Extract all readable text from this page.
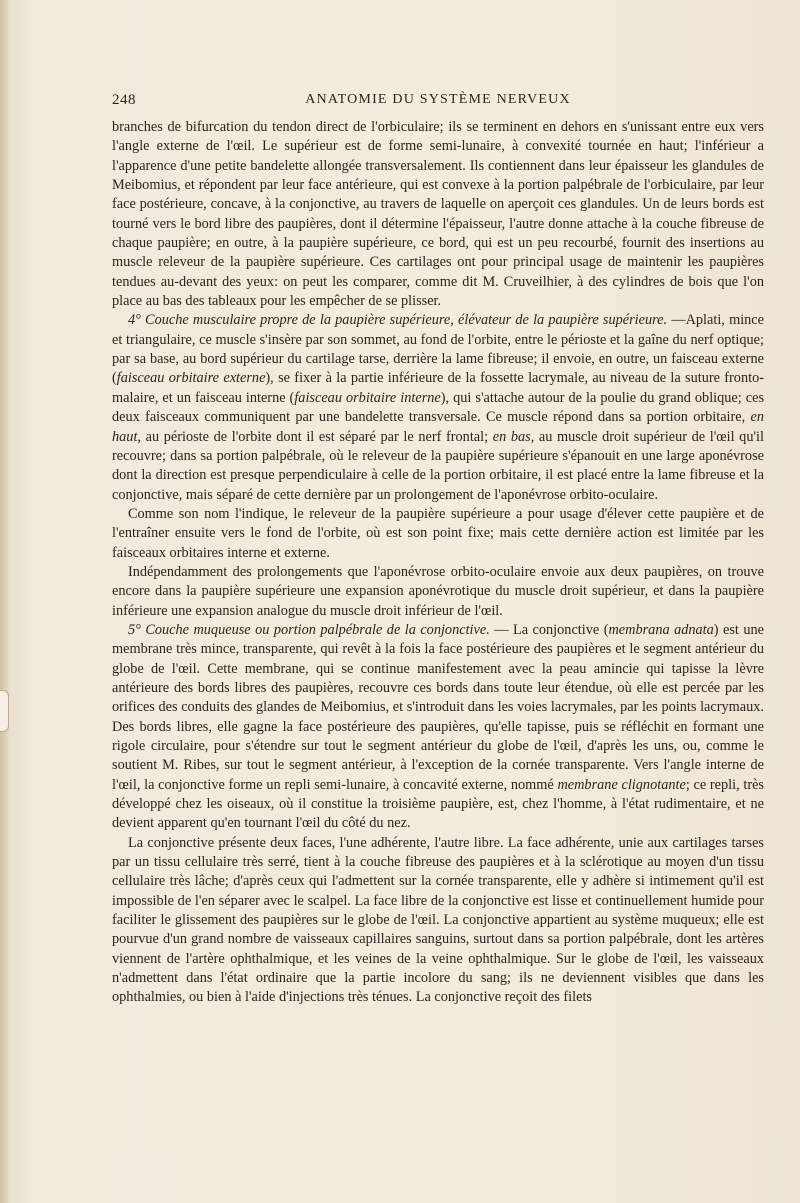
248	ANATOMIE DU SYSTÈME NERVEUX

branches de bifurcation du tendon direct de l'orbiculaire; ils se terminent en dehors en s'unissant entre eux vers l'angle externe de l'œil. Le supérieur est de forme semi-lunaire, à convexité tournée en haut; l'inférieur a l'apparence d'une petite bandelette allongée transversalement. Ils contiennent dans leur épaisseur les glandules de Meibomius, et répondent par leur face antérieure, qui est convexe à la portion palpébrale de l'orbiculaire, par leur face postérieure, concave, à la conjonctive, au travers de laquelle on aperçoit ces glandules. Un de leurs bords est tourné vers le bord libre des paupières, dont il détermine l'épaisseur, l'autre donne attache à la couche fibreuse de chaque paupière; en outre, à la paupière supérieure, ce bord, qui est un peu recourbé, fournit des insertions au muscle releveur de la paupière supérieure. Ces cartilages ont pour principal usage de maintenir les paupières tendues au-devant des yeux: on peut les comparer, comme dit M. Cruveilhier, à des cylindres de bois que l'on place au bas des tableaux pour les empêcher de se plisser.

4° Couche musculaire propre de la paupière supérieure, élévateur de la paupière supérieure. —Aplati, mince et triangulaire, ce muscle s'insère par son sommet, au fond de l'orbite, entre le périoste et la gaîne du nerf optique; par sa base, au bord supérieur du cartilage tarse, derrière la lame fibreuse; il envoie, en outre, un faisceau externe (faisceau orbitaire externe), se fixer à la partie inférieure de la fossette lacrymale, au niveau de la suture fronto-malaire, et un faisceau interne (faisceau orbitaire interne), qui s'attache autour de la poulie du grand oblique; ces deux faisceaux communiquent par une bandelette transversale. Ce muscle répond dans sa portion orbitaire, en haut, au périoste de l'orbite dont il est séparé par le nerf frontal; en bas, au muscle droit supérieur de l'œil qu'il recouvre; dans sa portion palpébrale, où le releveur de la paupière supérieure s'épanouit en une large aponévrose dont la direction est presque perpendiculaire à celle de la portion orbitaire, il est placé entre la lame fibreuse et la conjonctive, mais séparé de cette dernière par un prolongement de l'aponévrose orbito-oculaire.

Comme son nom l'indique, le releveur de la paupière supérieure a pour usage d'élever cette paupière et de l'entraîner ensuite vers le fond de l'orbite, où est son point fixe; mais cette dernière action est limitée par les faisceaux orbitaires interne et externe.

Indépendamment des prolongements que l'aponévrose orbito-oculaire envoie aux deux paupières, on trouve encore dans la paupière supérieure une expansion aponévrotique du muscle droit supérieur, et dans la paupière inférieure une expansion analogue du muscle droit inférieur de l'œil.

5° Couche muqueuse ou portion palpébrale de la conjonctive. — La conjonctive (membrana adnata) est une membrane très mince, transparente, qui revêt à la fois la face postérieure des paupières et le segment antérieur du globe de l'œil. Cette membrane, qui se continue manifestement avec la peau amincie qui tapisse la lèvre antérieure des bords libres des paupières, recouvre ces bords dans toute leur étendue, où elle est percée par les orifices des conduits des glandes de Meibomius, et s'introduit dans les voies lacrymales, par les points lacrymaux. Des bords libres, elle gagne la face postérieure des paupières, qu'elle tapisse, puis se réfléchit en formant une rigole circulaire, pour s'étendre sur tout le segment antérieur du globe de l'œil, d'après les uns, ou, comme le soutient M. Ribes, sur tout le segment antérieur, à l'exception de la cornée transparente. Vers l'angle interne de l'œil, la conjonctive forme un repli semi-lunaire, à concavité externe, nommé membrane clignotante; ce repli, très développé chez les oiseaux, où il constitue la troisième paupière, est, chez l'homme, à l'état rudimentaire, et ne devient apparent qu'en tournant l'œil du côté du nez.

La conjonctive présente deux faces, l'une adhérente, l'autre libre. La face adhérente, unie aux cartilages tarses par un tissu cellulaire très serré, tient à la couche fibreuse des paupières et à la sclérotique au moyen d'un tissu cellulaire très lâche; d'après ceux qui l'admettent sur la cornée transparente, elle y adhère si intimement qu'il est impossible de l'en séparer avec le scalpel. La face libre de la conjonctive est lisse et continuellement humide pour faciliter le glissement des paupières sur le globe de l'œil. La conjonctive appartient au système muqueux; elle est pourvue d'un grand nombre de vaisseaux capillaires sanguins, surtout dans sa portion palpébrale, dont les artères viennent de l'artère ophthalmique, et les veines de la veine ophthalmique. Sur le globe de l'œil, les vaisseaux n'admettent dans l'état ordinaire que la partie incolore du sang; ils ne deviennent visibles que dans les ophthalmies, ou bien à l'aide d'injections très ténues. La conjonctive reçoit des filets
